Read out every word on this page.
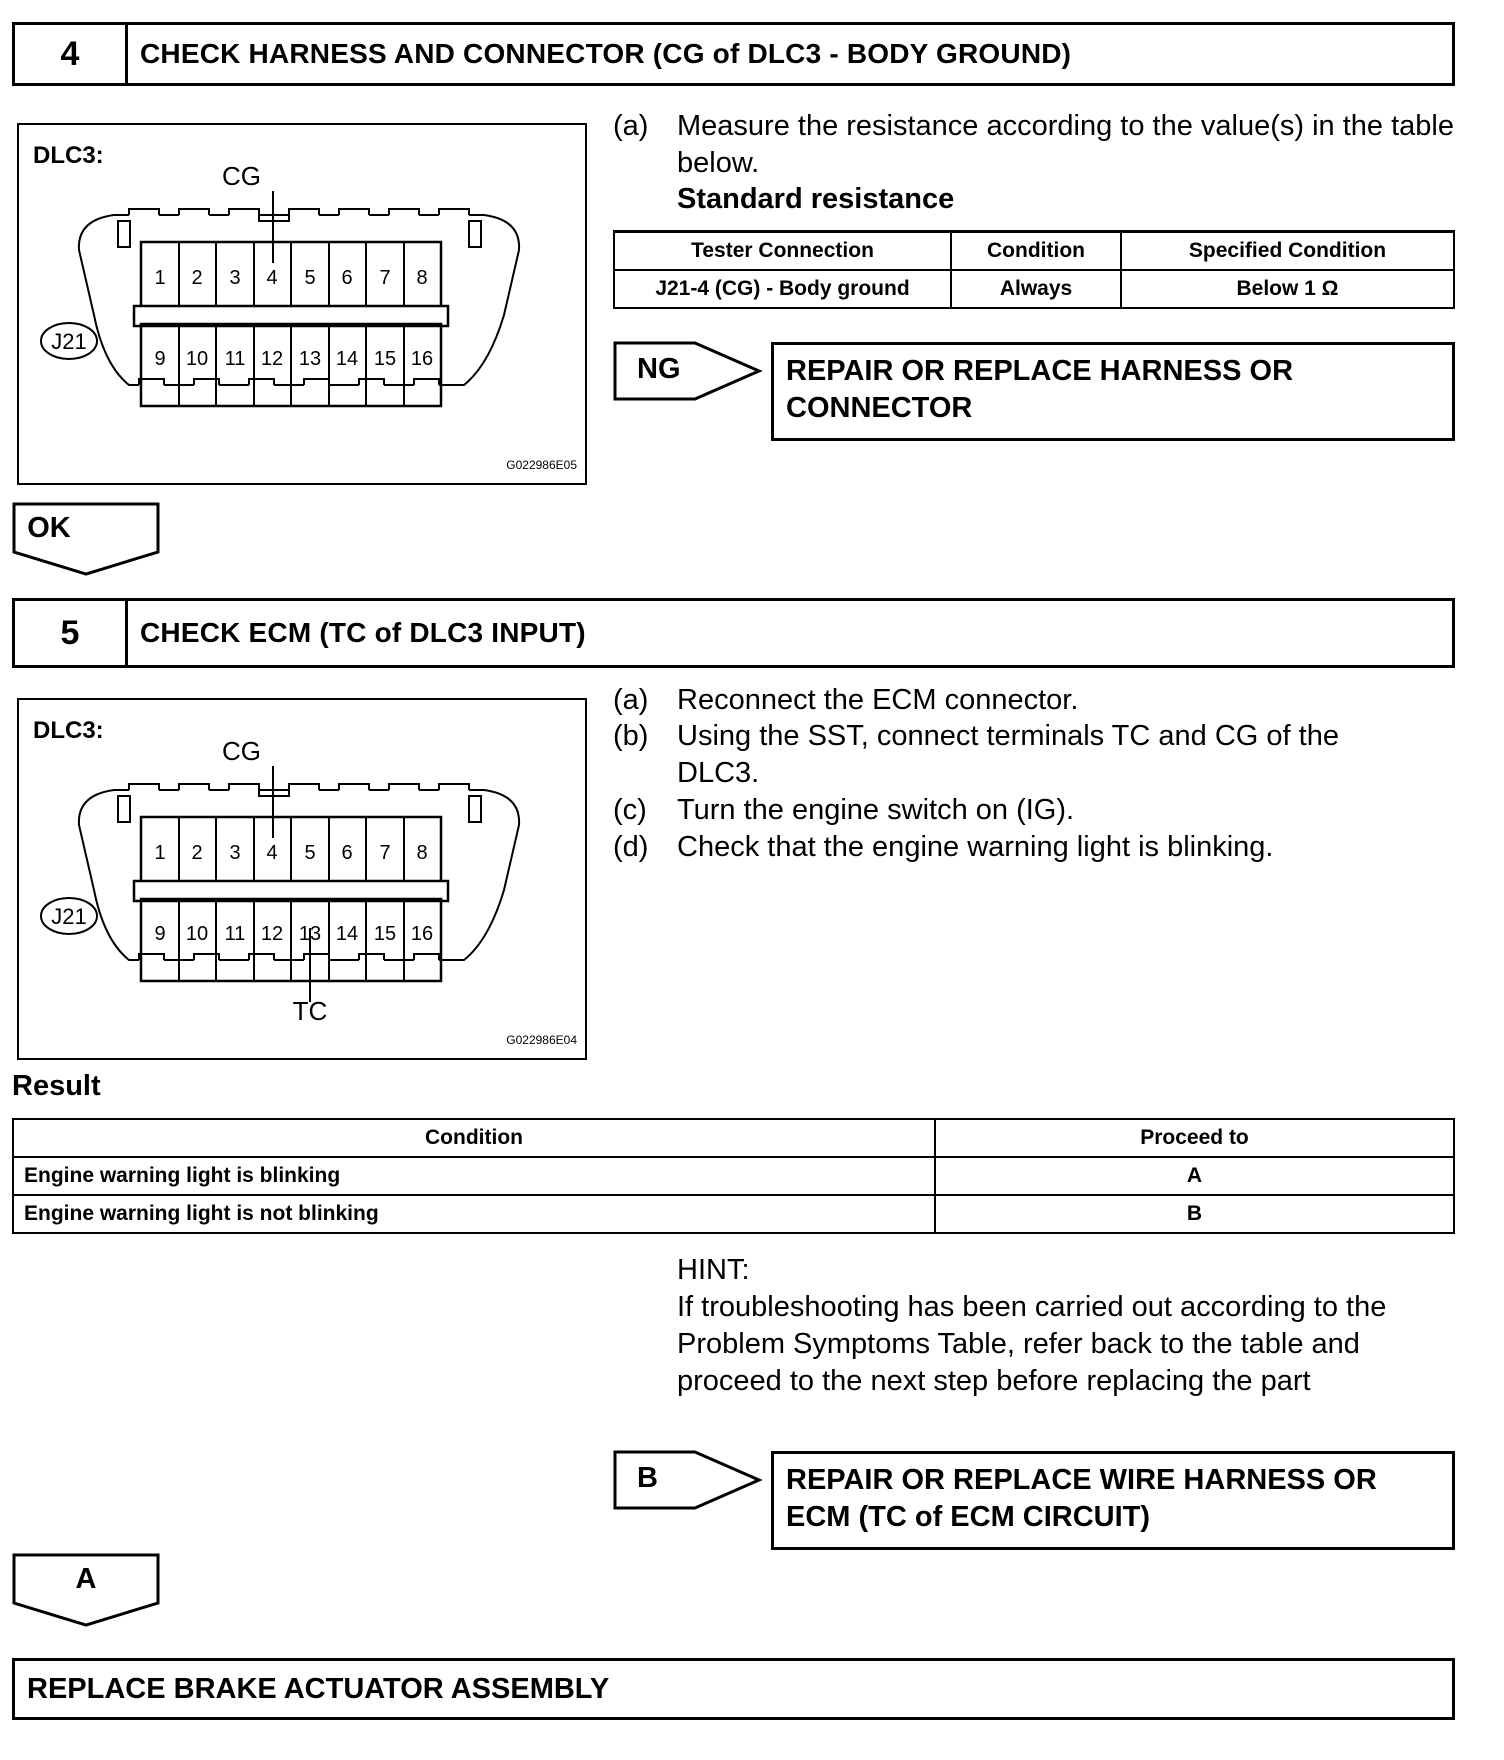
4	CHECK HARNESS AND CONNECTOR (CG of DLC3 - BODY GROUND)
DLC3:
CG
1 2 3 4 5 6 7 8
9 10 11 12 13 14 15 16
J21
G022986E05
(a) Measure the resistance according to the value(s) in the table below.
Standard resistance
Tester Connection	Condition	Specified Condition
J21-4 (CG) - Body ground	Always	Below 1 Ω
NG	REPAIR OR REPLACE HARNESS OR CONNECTOR
OK
5	CHECK ECM (TC of DLC3 INPUT)
DLC3:
CG
1 2 3 4 5 6 7 8
9 10 11 12 13 14 15 16
TC
J21
G022986E04
(a) Reconnect the ECM connector.
(b) Using the SST, connect terminals TC and CG of the DLC3.
(c)	Turn the engine switch on (IG).
(d) Check that the engine warning light is blinking.
Result
Condition	Proceed to
Engine warning light is blinking	A
Engine warning light is not blinking	B
HINT:
If troubleshooting has been carried out according to the Problem Symptoms Table, refer back to the table and proceed to the next step before replacing the part
B	REPAIR OR REPLACE WIRE HARNESS OR ECM (TC of ECM CIRCUIT)
A
REPLACE BRAKE ACTUATOR ASSEMBLY
